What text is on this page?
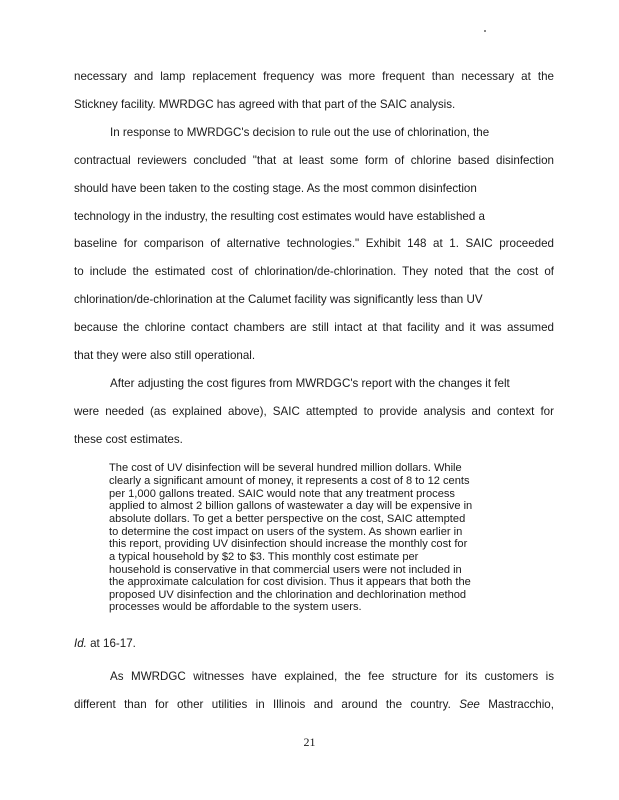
necessary and lamp replacement frequency was more frequent than necessary at the
Stickney facility. MWRDGC has agreed with that part of the SAIC analysis.
In response to MWRDGC's decision to rule out the use of chlorination, the
contractual reviewers concluded "that at least some form of chlorine based disinfection
should have been taken to the costing stage. As the most common disinfection
technology in the industry, the resulting cost estimates would have established a
baseline for comparison of alternative technologies." Exhibit 148 at 1. SAIC proceeded
to include the estimated cost of chlorination/de-chlorination. They noted that the cost of
chlorination/de-chlorination at the Calumet facility was significantly less than UV
because the chlorine contact chambers are still intact at that facility and it was assumed
that they were also still operational.
After adjusting the cost figures from MWRDGC's report with the changes it felt
were needed (as explained above), SAIC attempted to provide analysis and context for
these cost estimates.
The cost of UV disinfection will be several hundred million dollars. While
clearly a significant amount of money, it represents a cost of 8 to 12 cents
per 1,000 gallons treated. SAIC would note that any treatment process
applied to almost 2 billion gallons of wastewater a day will be expensive in
absolute dollars. To get a better perspective on the cost, SAIC attempted
to determine the cost impact on users of the system. As shown earlier in
this report, providing UV disinfection should increase the monthly cost for
a typical household by $2 to $3. This monthly cost estimate per
household is conservative in that commercial users were not included in
the approximate calculation for cost division. Thus it appears that both the
proposed UV disinfection and the chlorination and dechlorination method
processes would be affordable to the system users.
Id. at 16-17.
As MWRDGC witnesses have explained, the fee structure for its customers is
different than for other utilities in Illinois and around the country. See Mastracchio,
21
